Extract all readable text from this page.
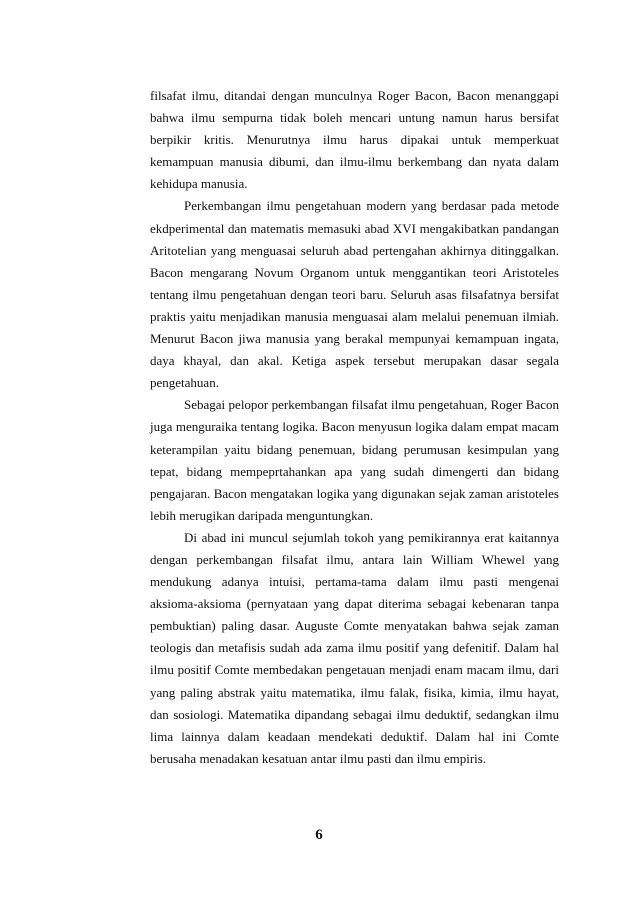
filsafat ilmu, ditandai dengan munculnya Roger Bacon, Bacon menanggapi bahwa ilmu sempurna tidak boleh mencari untung namun harus bersifat berpikir kritis. Menurutnya ilmu harus dipakai untuk memperkuat kemampuan manusia dibumi, dan ilmu-ilmu berkembang dan nyata dalam kehidupa manusia.

Perkembangan ilmu pengetahuan modern yang berdasar pada metode ekdperimental dan matematis memasuki abad XVI mengakibatkan pandangan Aritotelian yang menguasai seluruh abad pertengahan akhirnya ditinggalkan. Bacon mengarang Novum Organom untuk menggantikan teori Aristoteles tentang ilmu pengetahuan dengan teori baru. Seluruh asas filsafatnya bersifat praktis yaitu menjadikan manusia menguasai alam melalui penemuan ilmiah. Menurut Bacon jiwa manusia yang berakal mempunyai kemampuan ingata, daya khayal, dan akal. Ketiga aspek tersebut merupakan dasar segala pengetahuan.

Sebagai pelopor perkembangan filsafat ilmu pengetahuan, Roger Bacon juga menguraika tentang logika. Bacon menyusun logika dalam empat macam keterampilan yaitu bidang penemuan, bidang perumusan kesimpulan yang tepat, bidang mempeprtahankan apa yang sudah dimengerti dan bidang pengajaran. Bacon mengatakan logika yang digunakan sejak zaman aristoteles lebih merugikan daripada menguntungkan.

Di abad ini muncul sejumlah tokoh yang pemikirannya erat kaitannya dengan perkembangan filsafat ilmu, antara lain William Whewel yang mendukung adanya intuisi, pertama-tama dalam ilmu pasti mengenai aksioma-aksioma (pernyataan yang dapat diterima sebagai kebenaran tanpa pembuktian) paling dasar. Auguste Comte menyatakan bahwa sejak zaman teologis dan metafisis sudah ada zama ilmu positif yang defenitif. Dalam hal ilmu positif Comte membedakan pengetauan menjadi enam macam ilmu, dari yang paling abstrak yaitu matematika, ilmu falak, fisika, kimia, ilmu hayat, dan sosiologi. Matematika dipandang sebagai ilmu deduktif, sedangkan ilmu lima lainnya dalam keadaan mendekati deduktif. Dalam hal ini Comte berusaha menadakan kesatuan antar ilmu pasti dan ilmu empiris.

6
